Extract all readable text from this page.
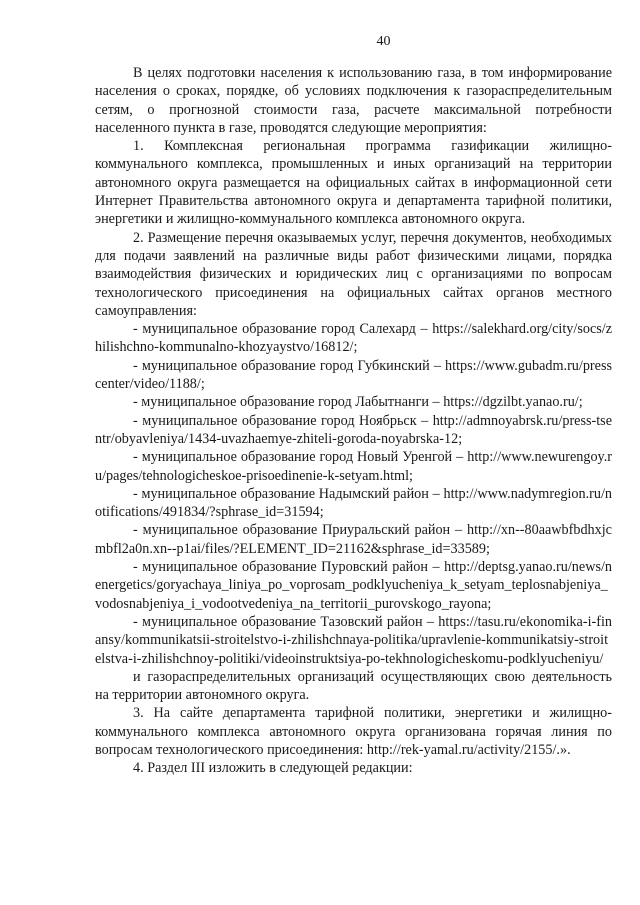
40

В целях подготовки населения к использованию газа, в том информирование населения о сроках, порядке, об условиях подключения к газораспределительным сетям, о прогнозной стоимости газа, расчете максимальной потребности населенного пункта в газе, проводятся следующие мероприятия:

1. Комплексная региональная программа газификации жилищно-коммунального комплекса, промышленных и иных организаций на территории автономного округа размещается на официальных сайтах в информационной сети Интернет Правительства автономного округа и департамента тарифной политики, энергетики и жилищно-коммунального комплекса автономного округа.

2. Размещение перечня оказываемых услуг, перечня документов, необходимых для подачи заявлений на различные виды работ физическими лицами, порядка взаимодействия физических и юридических лиц с организациями по вопросам технологического присоединения на официальных сайтах органов местного самоуправления:

- муниципальное образование город Салехард – https://salekhard.org/city/socs/zhilishchno-kommunalno-khozyaystvo/16812/;

- муниципальное образование город Губкинский – https://www.gubadm.ru/presscenter/video/1188/;

- муниципальное образование город Лабытнанги – https://dgzilbt.yanao.ru/;

- муниципальное образование город Ноябрьск – http://admnoyabrsk.ru/press-tsentr/obyavleniya/1434-uvazhaemye-zhiteli-goroda-noyabrska-12;

- муниципальное образование город Новый Уренгой – http://www.newurengoy.ru/pages/tehnologicheskoe-prisoedinenie-k-setyam.html;

- муниципальное образование Надымский район – http://www.nadymregion.ru/notifications/491834/?sphrase_id=31594;

- муниципальное образование Приуральский район – http://xn--80aawbfbdhxjcmbfl2a0n.xn--p1ai/files/?ELEMENT_ID=21162&sphrase_id=33589;

- муниципальное образование Пуровский район – http://deptsg.yanao.ru/news/nenergetics/goryachaya_liniya_po_voprosam_podklyucheniya_k_setyam_teplosnabjeniya_vodosnabjeniya_i_vodootvedeniya_na_territorii_purovskogo_rayona;

- муниципальное образование Тазовский район – https://tasu.ru/ekonomika-i-finansy/kommunikatsii-stroitelstvo-i-zhilishchnaya-politika/upravlenie-kommunikatsiy-stroitelstva-i-zhilishchnoy-politiki/videoinstruktsiya-po-tekhnologicheskomu-podklyucheniyu/

и газораспределительных организаций осуществляющих свою деятельность на территории автономного округа.

3. На сайте департамента тарифной политики, энергетики и жилищно-коммунального комплекса автономного округа организована горячая линия по вопросам технологического присоединения: http://rek-yamal.ru/activity/2155/.».

4. Раздел III изложить в следующей редакции:
